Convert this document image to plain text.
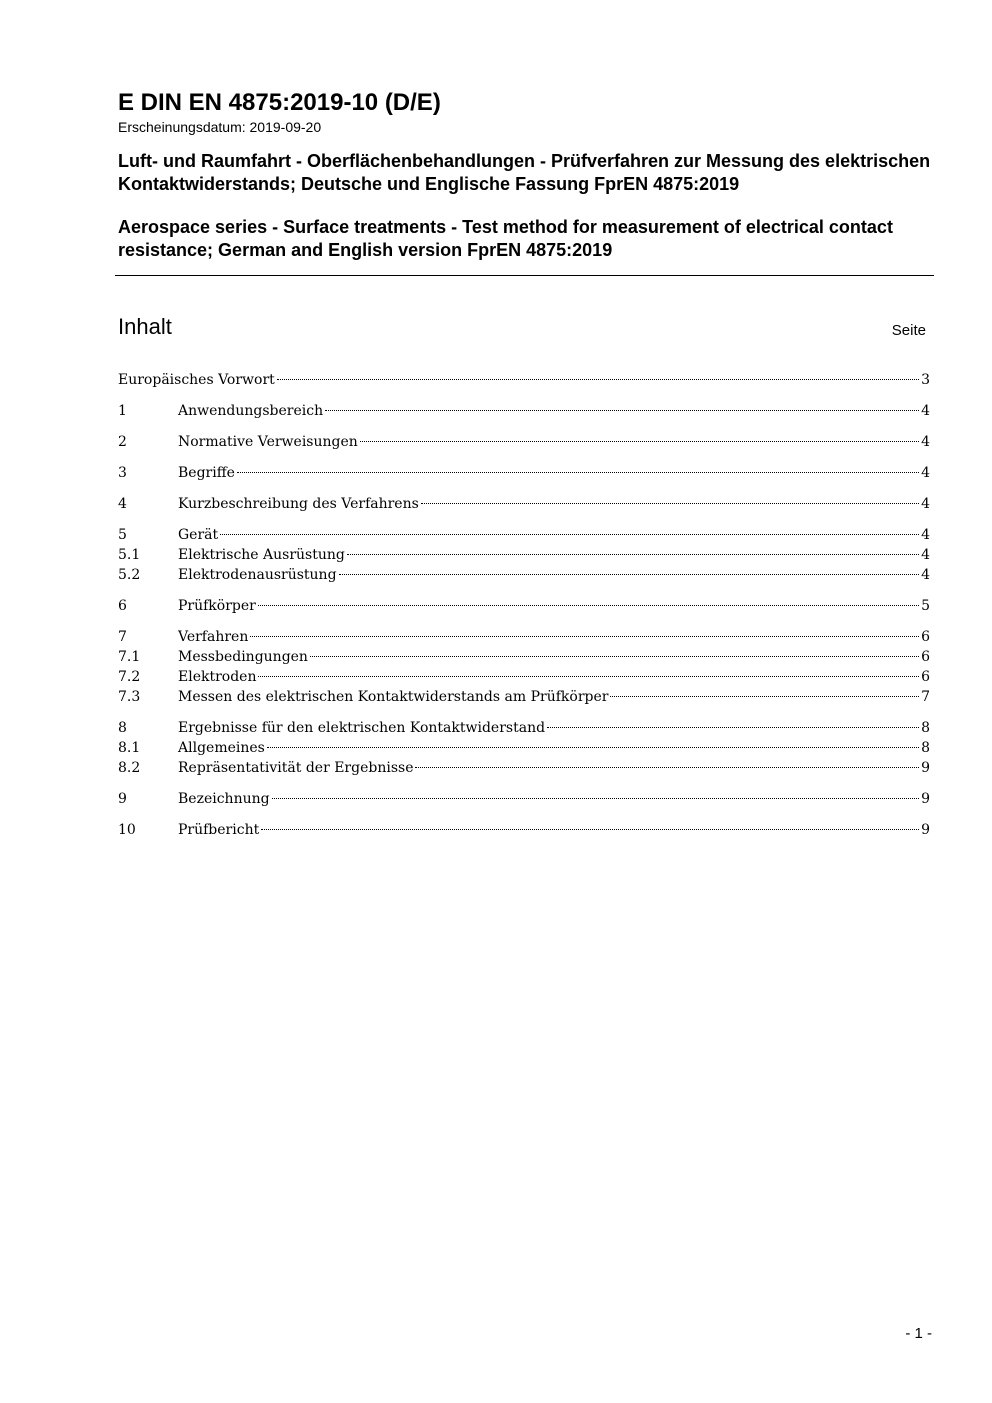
E DIN EN 4875:2019-10 (D/E)
Erscheinungsdatum: 2019-09-20
Luft- und Raumfahrt - Oberflächenbehandlungen - Prüfverfahren zur Messung des elektrischen Kontaktwiderstands; Deutsche und Englische Fassung FprEN 4875:2019
Aerospace series - Surface treatments - Test method for measurement of electrical contact resistance; German and English version FprEN 4875:2019
Inhalt	Seite
Europäisches Vorwort	3
1	Anwendungsbereich	4
2	Normative Verweisungen	4
3	Begriffe	4
4	Kurzbeschreibung des Verfahrens	4
5	Gerät	4
5.1	Elektrische Ausrüstung	4
5.2	Elektrodenausrüstung	4
6	Prüfkörper	5
7	Verfahren	6
7.1	Messbedingungen	6
7.2	Elektroden	6
7.3	Messen des elektrischen Kontaktwiderstands am Prüfkörper	7
8	Ergebnisse für den elektrischen Kontaktwiderstand	8
8.1	Allgemeines	8
8.2	Repräsentativität der Ergebnisse	9
9	Bezeichnung	9
10	Prüfbericht	9
- 1 -
